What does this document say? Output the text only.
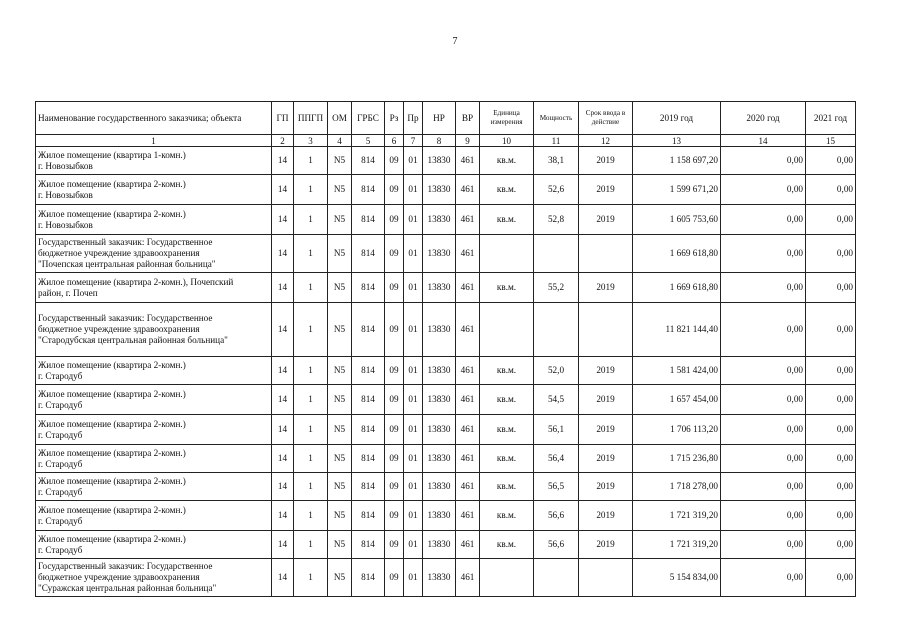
7
Наименование государственного заказчика; объекта	ГП	ППГП	ОМ	ГРБС	Рз	Пр	НР	ВР	Единица измерения	Мощность	Срок ввода в действие	2019 год	2020 год	2021 год
1	2	3	4	5	6	7	8	9	10	11	12	13	14	15

Жилое помещение (квартира 1-комн.)
г. Новозыбков	14	1	N5	814	09	01	13830	461	кв.м.	38,1	2019	1 158 697,20	0,00	0,00

Жилое помещение (квартира 2-комн.)
г. Новозыбков	14	1	N5	814	09	01	13830	461	кв.м.	52,6	2019	1 599 671,20	0,00	0,00

Жилое помещение (квартира 2-комн.)
г. Новозыбков	14	1	N5	814	09	01	13830	461	кв.м.	52,8	2019	1 605 753,60	0,00	0,00

Государственный заказчик: Государственное
бюджетное учреждение здравоохранения
"Почепская центральная районная больница"	14	1	N5	814	09	01	13830	461				1 669 618,80	0,00	0,00

Жилое помещение (квартира 2-комн.), Почепский
район, г. Почеп	14	1	N5	814	09	01	13830	461	кв.м.	55,2	2019	1 669 618,80	0,00	0,00

Государственный заказчик: Государственное
бюджетное учреждение здравоохранения
"Стародубская центральная районная больница"	14	1	N5	814	09	01	13830	461				11 821 144,40	0,00	0,00

Жилое помещение (квартира 2-комн.)
г. Стародуб	14	1	N5	814	09	01	13830	461	кв.м.	52,0	2019	1 581 424,00	0,00	0,00

Жилое помещение (квартира 2-комн.)
г. Стародуб	14	1	N5	814	09	01	13830	461	кв.м.	54,5	2019	1 657 454,00	0,00	0,00

Жилое помещение (квартира 2-комн.)
г. Стародуб	14	1	N5	814	09	01	13830	461	кв.м.	56,1	2019	1 706 113,20	0,00	0,00

Жилое помещение (квартира 2-комн.)
г. Стародуб	14	1	N5	814	09	01	13830	461	кв.м.	56,4	2019	1 715 236,80	0,00	0,00

Жилое помещение (квартира 2-комн.)
г. Стародуб	14	1	N5	814	09	01	13830	461	кв.м.	56,5	2019	1 718 278,00	0,00	0,00

Жилое помещение (квартира 2-комн.)
г. Стародуб	14	1	N5	814	09	01	13830	461	кв.м.	56,6	2019	1 721 319,20	0,00	0,00

Жилое помещение (квартира 2-комн.)
г. Стародуб	14	1	N5	814	09	01	13830	461	кв.м.	56,6	2019	1 721 319,20	0,00	0,00

Государственный заказчик: Государственное
бюджетное учреждение здравоохранения
"Суражская центральная районная больница"	14	1	N5	814	09	01	13830	461				5 154 834,00	0,00	0,00
